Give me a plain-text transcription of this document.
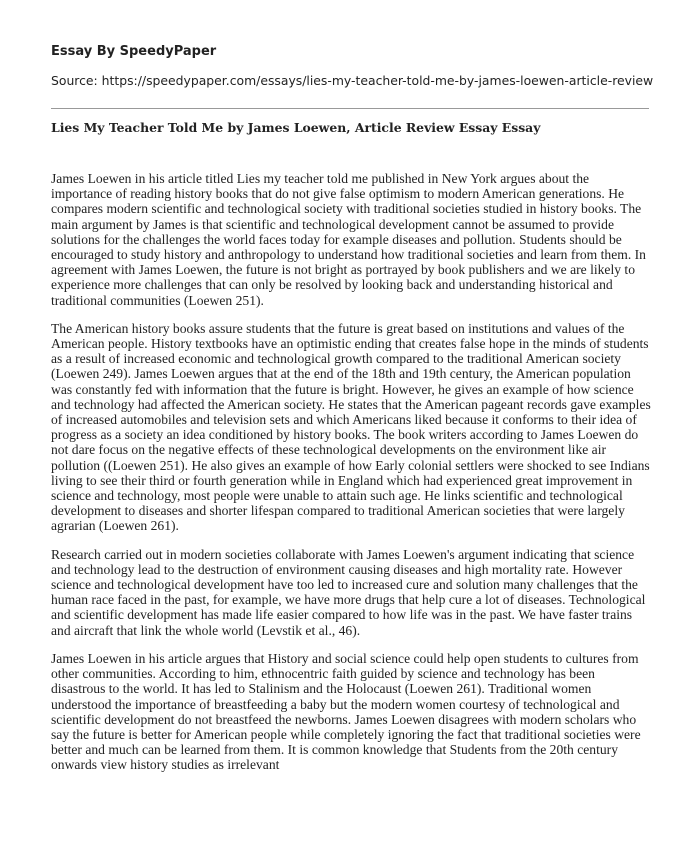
Essay By SpeedyPaper
Source: https://speedypaper.com/essays/lies-my-teacher-told-me-by-james-loewen-article-review
Lies My Teacher Told Me by James Loewen, Article Review Essay Essay

James Loewen in his article titled Lies my teacher told me published in New York argues about the importance of reading history books that do not give false optimism to modern American generations. He compares modern scientific and technological society with traditional societies studied in history books. The main argument by James is that scientific and technological development cannot be assumed to provide solutions for the challenges the world faces today for example diseases and pollution. Students should be encouraged to study history and anthropology to understand how traditional societies and learn from them. In agreement with James Loewen, the future is not bright as portrayed by book publishers and we are likely to experience more challenges that can only be resolved by looking back and understanding historical and traditional communities (Loewen 251).

The American history books assure students that the future is great based on institutions and values of the American people. History textbooks have an optimistic ending that creates false hope in the minds of students as a result of increased economic and technological growth compared to the traditional American society (Loewen 249). James Loewen argues that at the end of the 18th and 19th century, the American population was constantly fed with information that the future is bright. However, he gives an example of how science and technology had affected the American society. He states that the American pageant records gave examples of increased automobiles and television sets and which Americans liked because it conforms to their idea of progress as a society an idea conditioned by history books. The book writers according to James Loewen do not dare focus on the negative effects of these technological developments on the environment like air pollution ((Loewen 251). He also gives an example of how Early colonial settlers were shocked to see Indians living to see their third or fourth generation while in England which had experienced great improvement in science and technology, most people were unable to attain such age. He links scientific and technological development to diseases and shorter lifespan compared to traditional American societies that were largely agrarian (Loewen 261).

Research carried out in modern societies collaborate with James Loewen's argument indicating that science and technology lead to the destruction of environment causing diseases and high mortality rate. However science and technological development have too led to increased cure and solution many challenges that the human race faced in the past, for example, we have more drugs that help cure a lot of diseases. Technological and scientific development has made life easier compared to how life was in the past. We have faster trains and aircraft that link the whole world (Levstik et al., 46).

James Loewen in his article argues that History and social science could help open students to cultures from other communities. According to him, ethnocentric faith guided by science and technology has been disastrous to the world. It has led to Stalinism and the Holocaust (Loewen 261). Traditional women understood the importance of breastfeeding a baby but the modern women courtesy of technological and scientific development do not breastfeed the newborns. James Loewen disagrees with modern scholars who say the future is better for American people while completely ignoring the fact that traditional societies were better and much can be learned from them. It is common knowledge that Students from the 20th century onwards view history studies as irrelevant
